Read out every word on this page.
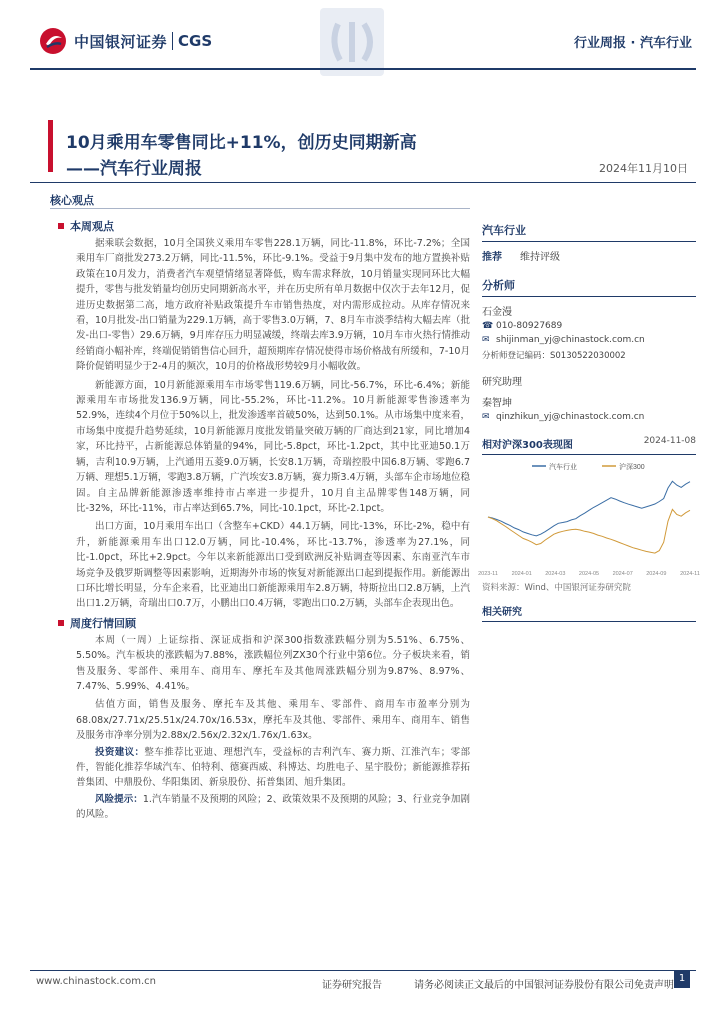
中国银河证券 CGS	行业周报 · 汽车行业
10月乘用车零售同比+11%，创历史同期新高
——汽车行业周报	2024年11月10日
核心观点
本周观点

据乘联会数据，10月全国狭义乘用车零售228.1万辆，同比-11.8%，环比-7.2%；全国乘用车厂商批发273.2万辆，同比-11.5%，环比-9.1%。受益于9月集中发布的地方置换补贴政策在10月发力，消费者汽车观望情绪显著降低，购车需求释放，10月销量实现同环比大幅提升，零售与批发销量均创历史同期新高水平，并在历史所有单月数据中仅次于去年12月，促进历史数据第二高，地方政府补贴政策提升车市销售热度，对内需形成拉动。从库存情况来看，10月批发-出口销量为229.1万辆，高于零售3.0万辆，7、8月车市淡季结构大幅去库（批发-出口-零售）29.6万辆，9月库存压力明显减缓，终端去库3.9万辆，10月车市火热行情推动经销商小幅补库，终端促销销售信心回升，超预期库存情况使得市场价格战有所缓和，7-10月降价促销明显少于2-4月的频次，10月的价格战形势较9月小幅收敛。

新能源方面，10月新能源乘用车市场零售119.6万辆，同比-56.7%，环比-6.4%；新能源乘用车市场批发136.9万辆，同比-55.2%，环比-11.2%。10月新能源零售渗透率为52.9%，连续4个月位于50%以上，批发渗透率首破50%，达到50.1%。从市场集中度来看，市场集中度提升趋势延续，10月新能源月度批发销量突破万辆的厂商达到21家，同比增加4家，环比持平，占新能源总体销量的94%，同比-5.8pct，环比-1.2pct，其中比亚迪50.1万辆，吉利10.9万辆，上汽通用五菱9.0万辆，长安8.1万辆，奇瑞控股中国6.8万辆、零跑6.7万辆、理想5.1万辆，零跑3.8万辆，广汽埃安3.8万辆，赛力斯3.4万辆，头部车企市场地位稳固。自主品牌新能源渗透率维持市占率进一步提升，10月自主品牌零售148万辆，同比-32%，环比-11%，市占率达到65.7%，同比-10.1pct，环比-2.1pct。

出口方面，10月乘用车出口（含整车+CKD）44.1万辆，同比-13%，环比-2%，稳中有升，新能源乘用车出口12.0万辆，同比-10.4%，环比-13.7%，渗透率为27.1%，同比-1.0pct，环比+2.9pct。今年以来新能源出口受到欧洲反补贴调查等因素、东南亚汽车市场竞争及俄罗斯调整等因素影响，近期海外市场的恢复对新能源出口起到提振作用。新能源出口环比增长明显，分车企来看，比亚迪出口新能源乘用车2.8万辆，特斯拉出口2.8万辆，上汽出口1.2万辆，奇瑞出口0.7万，小鹏出口0.4万辆，零跑出口0.2万辆，头部车企表现出色。

周度行情回顾

本周（一周）上证综指、深证成指和沪深300指数涨跌幅分别为5.51%、6.75%、5.50%。汽车板块的涨跌幅为7.88%，涨跌幅位列ZX30个行业中第6位。分子板块来看，销售及服务、零部件、乘用车、商用车、摩托车及其他周涨跌幅分别为9.87%、8.97%、7.47%、5.99%、4.41%。

估值方面，销售及服务、摩托车及其他、乘用车、零部件、商用车市盈率分别为68.08x/27.71x/25.51x/24.70x/16.53x，摩托车及其他、零部件、乘用车、商用车、销售及服务市净率分别为2.88x/2.56x/2.32x/1.76x/1.63x。

投资建议：整车推荐比亚迪、理想汽车，受益标的吉利汽车、赛力斯、江淮汽车；零部件，智能化推荐华域汽车、伯特利、德赛西威、科博达、均胜电子、星宇股份；新能源推荐拓普集团、中鼎股份、华阳集团、新泉股份、拓普集团、旭升集团。

风险提示：1.汽车销量不及预期的风险；2、政策效果不及预期的风险；3、行业竞争加剧的风险。

汽车行业
推荐	维持评级
分析师
石金漫
☎ 010-80927689
✉ shijinman_yj@chinastock.com.cn
分析师登记编码：S0130522030002
研究助理
秦智坤
✉ qinzhikun_yj@chinastock.com.cn
相对沪深300表现图	2024-11-08
汽车行业	沪深300
2023-11 2024-01 2024-03 2024-05 2024-07 2024-09 2024-11
资料来源：Wind、中国银河证券研究院
相关研究
www.chinastock.com.cn	证券研究报告	请务必阅读正文最后的中国银河证券股份有限公司免责声明
1
